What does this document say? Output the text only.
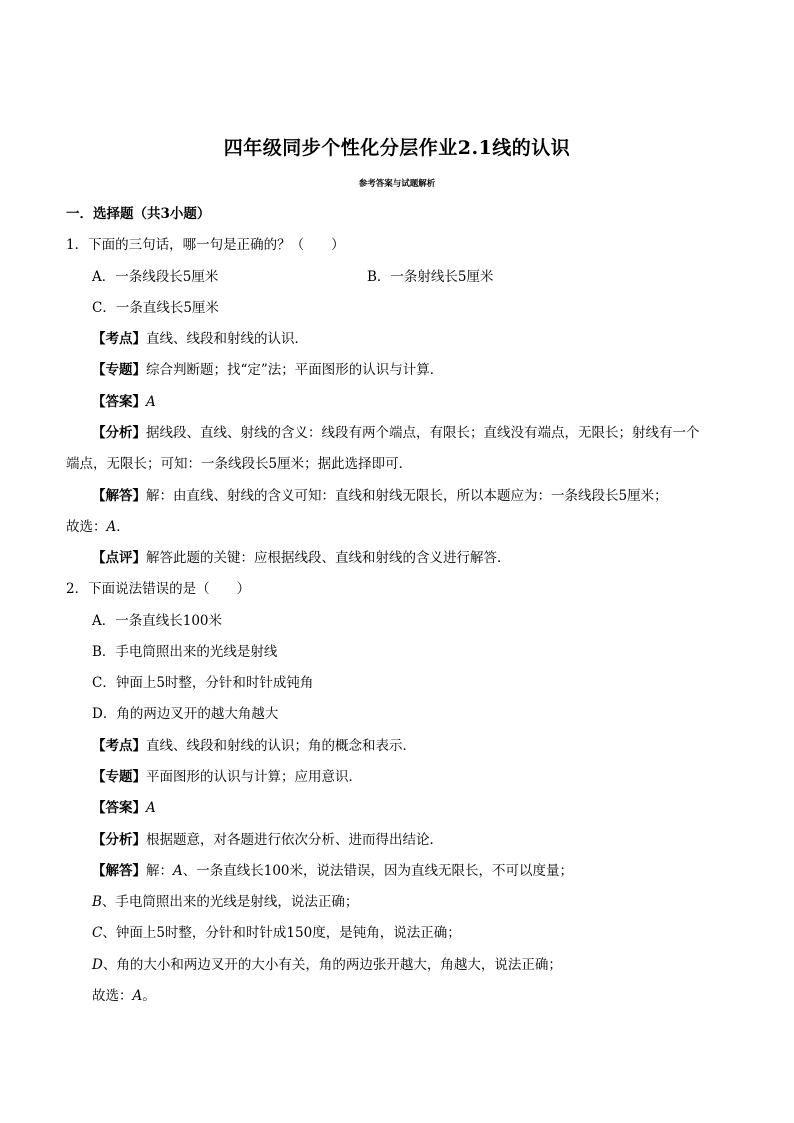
四年级同步个性化分层作业2.1线的认识
参考答案与试题解析
一．选择题（共3小题）
1．下面的三句话，哪一句是正确的？（　　）
A．一条线段长5厘米	B．一条射线长5厘米
C．一条直线长5厘米
【考点】直线、线段和射线的认识．
【专题】综合判断题；找“定”法；平面图形的认识与计算．
【答案】A
【分析】据线段、直线、射线的含义：线段有两个端点，有限长；直线没有端点，无限长；射线有一个
端点，无限长；可知：一条线段长5厘米；据此选择即可．
【解答】解：由直线、射线的含义可知：直线和射线无限长，所以本题应为：一条线段长5厘米；
故选：A．
【点评】解答此题的关键：应根据线段、直线和射线的含义进行解答．
2．下面说法错误的是（　　）
A．一条直线长100米
B．手电筒照出来的光线是射线
C．钟面上5时整，分针和时针成钝角
D．角的两边叉开的越大角越大
【考点】直线、线段和射线的认识；角的概念和表示．
【专题】平面图形的认识与计算；应用意识．
【答案】A
【分析】根据题意，对各题进行依次分析、进而得出结论．
【解答】解：A、一条直线长100米，说法错误，因为直线无限长，不可以度量；
B、手电筒照出来的光线是射线，说法正确；
C、钟面上5时整，分针和时针成150度，是钝角，说法正确；
D、角的大小和两边叉开的大小有关，角的两边张开越大，角越大，说法正确；
故选：A。
